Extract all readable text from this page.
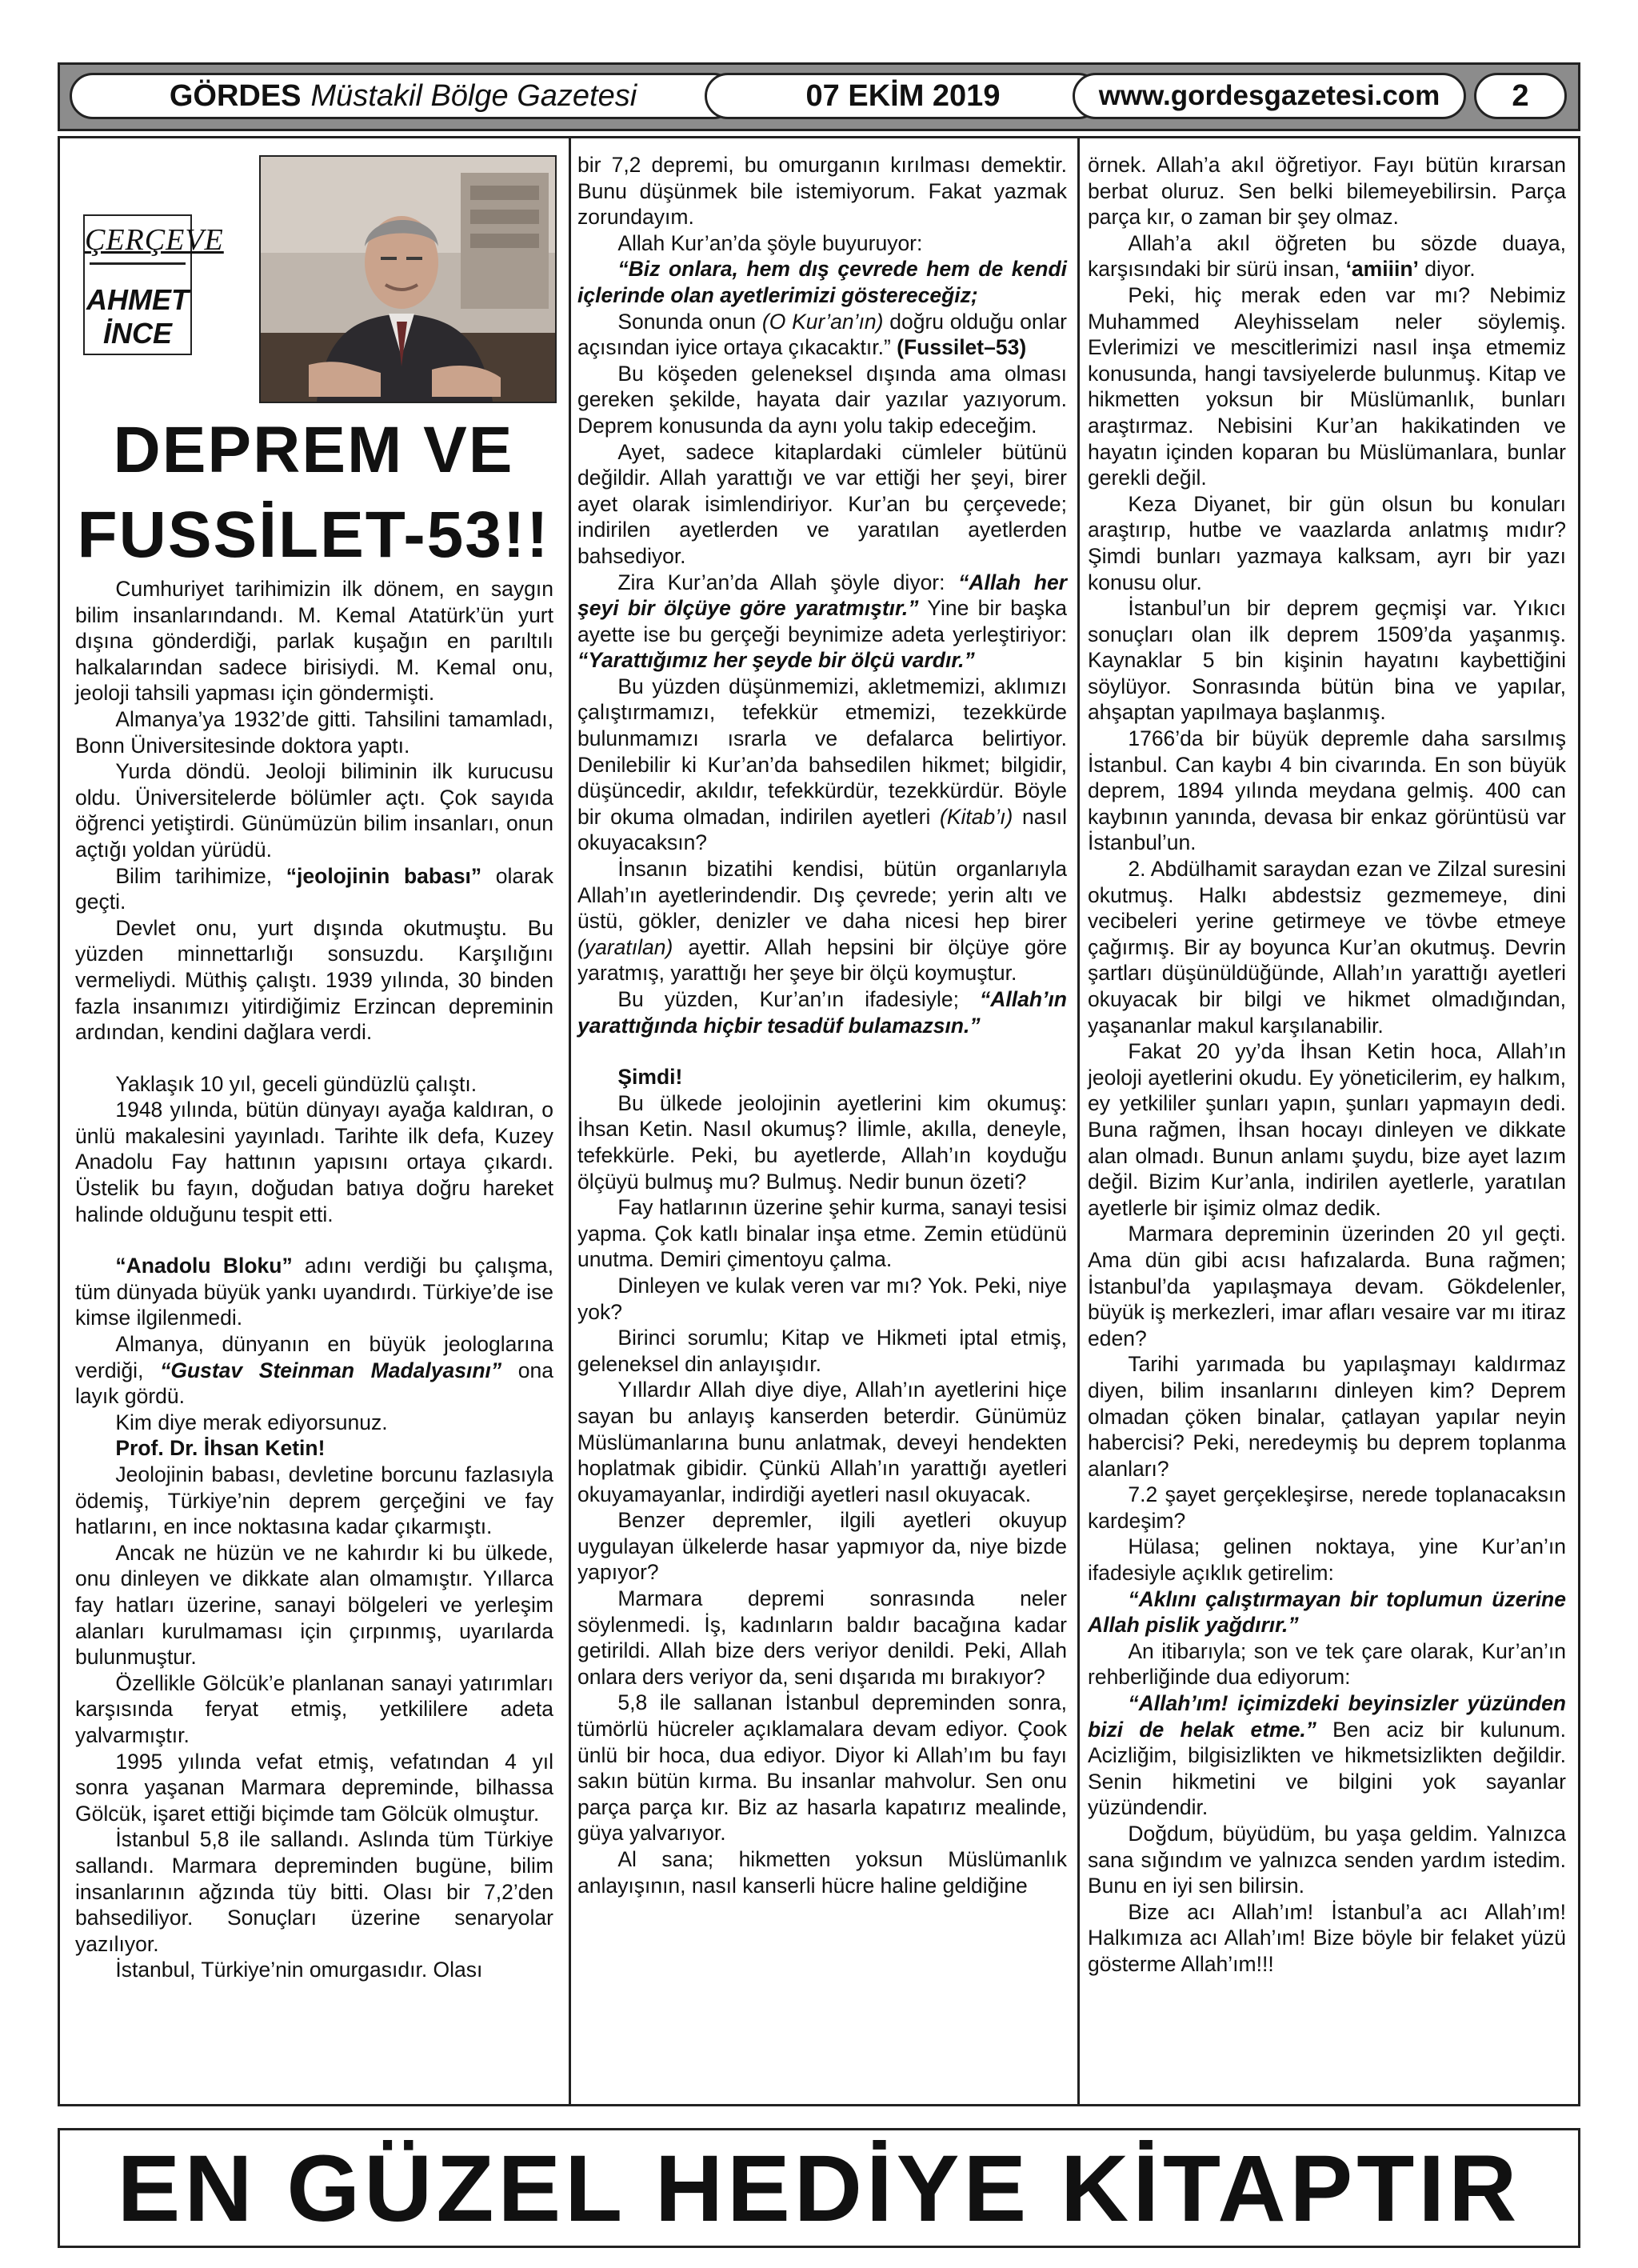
GÖRDES Müstakil Bölge Gazetesi	07 EKİM 2019	www.gordesgazetesi.com	2
ÇERÇEVE
AHMET
İNCE
DEPREM VE
FUSSİLET-53!!

Cumhuriyet tarihimizin ilk dönem, en saygın bilim insanlarındandı. M. Kemal Atatürk’ün yurt dışına gönderdiği, parlak kuşağın en parıltılı halkalarından sadece birisiydi. M. Kemal onu, jeoloji tahsili yapması için göndermişti.

Almanya’ya 1932’de gitti. Tahsilini tamamladı, Bonn Üniversitesinde doktora yaptı.

Yurda döndü. Jeoloji biliminin ilk kurucusu oldu. Üniversitelerde bölümler açtı. Çok sayıda öğrenci yetiştirdi. Günümüzün bilim insanları, onun açtığı yoldan yürüdü.

Bilim tarihimize, “jeolojinin babası” olarak geçti.

Devlet onu, yurt dışında okutmuştu. Bu yüzden minnettarlığı sonsuzdu. Karşılığını vermeliydi. Müthiş çalıştı. 1939 yılında, 30 binden fazla insanımızı yitirdiğimiz Erzincan depreminin ardından, kendini dağlara verdi.

Yaklaşık 10 yıl, geceli gündüzlü çalıştı.

1948 yılında, bütün dünyayı ayağa kaldıran, o ünlü makalesini yayınladı. Tarihte ilk defa, Kuzey Anadolu Fay hattının yapısını ortaya çıkardı. Üstelik bu fayın, doğudan batıya doğru hareket halinde olduğunu tespit etti.

“Anadolu Bloku” adını verdiği bu çalışma, tüm dünyada büyük yankı uyandırdı. Türkiye’de ise kimse ilgilenmedi.

Almanya, dünyanın en büyük jeologlarına verdiği, “Gustav Steinman Madalyasını” ona layık gördü.

Kim diye merak ediyorsunuz.

Prof. Dr. İhsan Ketin!

Jeolojinin babası, devletine borcunu fazlasıyla ödemiş, Türkiye’nin deprem gerçeğini ve fay hatlarını, en ince noktasına kadar çıkarmıştı.

Ancak ne hüzün ve ne kahırdır ki bu ülkede, onu dinleyen ve dikkate alan olmamıştır. Yıllarca fay hatları üzerine, sanayi bölgeleri ve yerleşim alanları kurulmaması için çırpınmış, uyarılarda bulunmuştur.

Özellikle Gölcük’e planlanan sanayi yatırımları karşısında feryat etmiş, yetkililere adeta yalvarmıştır.

1995 yılında vefat etmiş, vefatından 4 yıl sonra yaşanan Marmara depreminde, bilhassa Gölcük, işaret ettiği biçimde tam Gölcük olmuştur.

İstanbul 5,8 ile sallandı. Aslında tüm Türkiye sallandı. Marmara depreminden bugüne, bilim insanlarının ağzında tüy bitti. Olası bir 7,2’den bahsediliyor. Sonuçları üzerine senaryolar yazılıyor.

İstanbul, Türkiye’nin omurgasıdır. Olası

bir 7,2 depremi, bu omurganın kırılması demektir. Bunu düşünmek bile istemiyorum. Fakat yazmak zorundayım.

Allah Kur’an’da şöyle buyuruyor:

“Biz onlara, hem dış çevrede hem de kendi içlerinde olan ayetlerimizi göstereceğiz;

Sonunda onun (O Kur’an’ın) doğru olduğu onlar açısından iyice ortaya çıkacaktır.” (Fussilet–53)

Bu köşeden geleneksel dışında ama olması gereken şekilde, hayata dair yazılar yazıyorum. Deprem konusunda da aynı yolu takip edeceğim.

Ayet, sadece kitaplardaki cümleler bütünü değildir. Allah yarattığı ve var ettiği her şeyi, birer ayet olarak isimlendiriyor. Kur’an bu çerçevede; indirilen ayetlerden ve yaratılan ayetlerden bahsediyor.

Zira Kur’an’da Allah şöyle diyor: “Allah her şeyi bir ölçüye göre yaratmıştır.” Yine bir başka ayette ise bu gerçeği beynimize adeta yerleştiriyor: “Yarattığımız her şeyde bir ölçü vardır.”

Bu yüzden düşünmemizi, akletmemizi, aklımızı çalıştırmamızı, tefekkür etmemizi, tezekkürde bulunmamızı ısrarla ve defalarca belirtiyor. Denilebilir ki Kur’an’da bahsedilen hikmet; bilgidir, düşüncedir, akıldır, tefekkürdür, tezekkürdür. Böyle bir okuma olmadan, indirilen ayetleri (Kitab’ı) nasıl okuyacaksın?

İnsanın bizatihi kendisi, bütün organlarıyla Allah’ın ayetlerindendir. Dış çevrede; yerin altı ve üstü, gökler, denizler ve daha nicesi hep birer (yaratılan) ayettir. Allah hepsini bir ölçüye göre yaratmış, yarattığı her şeye bir ölçü koymuştur.

Bu yüzden, Kur’an’ın ifadesiyle; “Allah’ın yarattığında hiçbir tesadüf bulamazsın.”

Şimdi!

Bu ülkede jeolojinin ayetlerini kim okumuş: İhsan Ketin. Nasıl okumuş? İlimle, akılla, deneyle, tefekkürle. Peki, bu ayetlerde, Allah’ın koyduğu ölçüyü bulmuş mu? Bulmuş. Nedir bunun özeti?

Fay hatlarının üzerine şehir kurma, sanayi tesisi yapma. Çok katlı binalar inşa etme. Zemin etüdünü unutma. Demiri çimentoyu çalma.

Dinleyen ve kulak veren var mı? Yok. Peki, niye yok?

Birinci sorumlu; Kitap ve Hikmeti iptal etmiş, geleneksel din anlayışıdır.

Yıllardır Allah diye diye, Allah’ın ayetlerini hiçe sayan bu anlayış kanserden beterdir. Günümüz Müslümanlarına bunu anlatmak, deveyi hendekten hoplatmak gibidir. Çünkü Allah’ın yarattığı ayetleri okuyamayanlar, indirdiği ayetleri nasıl okuyacak.

Benzer depremler, ilgili ayetleri okuyup uygulayan ülkelerde hasar yapmıyor da, niye bizde yapıyor?

Marmara depremi sonrasında neler söylenmedi. İş, kadınların baldır bacağına kadar getirildi. Allah bize ders veriyor denildi. Peki, Allah onlara ders veriyor da, seni dışarıda mı bırakıyor?

5,8 ile sallanan İstanbul depreminden sonra, tümörlü hücreler açıklamalara devam ediyor. Çook ünlü bir hoca, dua ediyor. Diyor ki Allah’ım bu fayı sakın bütün kırma. Bu insanlar mahvolur. Sen onu parça parça kır. Biz az hasarla kapatırız mealinde, güya yalvarıyor.

Al sana; hikmetten yoksun Müslümanlık anlayışının, nasıl kanserli hücre haline geldiğine

örnek. Allah’a akıl öğretiyor. Fayı bütün kırarsan berbat oluruz. Sen belki bilemeyebilirsin. Parça parça kır, o zaman bir şey olmaz.

Allah’a akıl öğreten bu sözde duaya, karşısındaki bir sürü insan, ‘amiiin’ diyor.

Peki, hiç merak eden var mı? Nebimiz Muhammed Aleyhisselam neler söylemiş. Evlerimizi ve mescitlerimizi nasıl inşa etmemiz konusunda, hangi tavsiyelerde bulunmuş. Kitap ve hikmetten yoksun bir Müslümanlık, bunları araştırmaz. Nebisini Kur’an hakikatinden ve hayatın içinden koparan bu Müslümanlara, bunlar gerekli değil.

Keza Diyanet, bir gün olsun bu konuları araştırıp, hutbe ve vaazlarda anlatmış mıdır? Şimdi bunları yazmaya kalksam, ayrı bir yazı konusu olur.

İstanbul’un bir deprem geçmişi var. Yıkıcı sonuçları olan ilk deprem 1509’da yaşanmış. Kaynaklar 5 bin kişinin hayatını kaybettiğini söylüyor. Sonrasında bütün bina ve yapılar, ahşaptan yapılmaya başlanmış.

1766’da bir büyük depremle daha sarsılmış İstanbul. Can kaybı 4 bin civarında. En son büyük deprem, 1894 yılında meydana gelmiş. 400 can kaybının yanında, devasa bir enkaz görüntüsü var İstanbul’un.

2. Abdülhamit saraydan ezan ve Zilzal suresini okutmuş. Halkı abdestsiz gezmemeye, dini vecibeleri yerine getirmeye ve tövbe etmeye çağırmış. Bir ay boyunca Kur’an okutmuş. Devrin şartları düşünüldüğünde, Allah’ın yarattığı ayetleri okuyacak bir bilgi ve hikmet olmadığından, yaşananlar makul karşılanabilir.

Fakat 20 yy’da İhsan Ketin hoca, Allah’ın jeoloji ayetlerini okudu. Ey yöneticilerim, ey halkım, ey yetkililer şunları yapın, şunları yapmayın dedi. Buna rağmen, İhsan hocayı dinleyen ve dikkate alan olmadı. Bunun anlamı şuydu, bize ayet lazım değil. Bizim Kur’anla, indirilen ayetlerle, yaratılan ayetlerle bir işimiz olmaz dedik.

Marmara depreminin üzerinden 20 yıl geçti. Ama dün gibi acısı hafızalarda. Buna rağmen; İstanbul’da yapılaşmaya devam. Gökdelenler, büyük iş merkezleri, imar afları vesaire var mı itiraz eden?

Tarihi yarımada bu yapılaşmayı kaldırmaz diyen, bilim insanlarını dinleyen kim? Deprem olmadan çöken binalar, çatlayan yapılar neyin habercisi? Peki, neredeymiş bu deprem toplanma alanları?

7.2 şayet gerçekleşirse, nerede toplanacaksın kardeşim?

Hülasa; gelinen noktaya, yine Kur’an’ın ifadesiyle açıklık getirelim:

“Aklını çalıştırmayan bir toplumun üzerine Allah pislik yağdırır.”

An itibarıyla; son ve tek çare olarak, Kur’an’ın rehberliğinde dua ediyorum:

“Allah’ım! içimizdeki beyinsizler yüzünden bizi de helak etme.” Ben aciz bir kulunum. Acizliğim, bilgisizlikten ve hikmetsizlikten değildir. Senin hikmetini ve bilgini yok sayanlar yüzündendir.

Doğdum, büyüdüm, bu yaşa geldim. Yalnızca sana sığındım ve yalnızca senden yardım istedim. Bunu en iyi sen bilirsin.

Bize acı Allah’ım! İstanbul’a acı Allah’ım! Halkımıza acı Allah’ım! Bize böyle bir felaket yüzü gösterme Allah’ım!!!

EN GÜZEL HEDİYE KİTAPTIR
